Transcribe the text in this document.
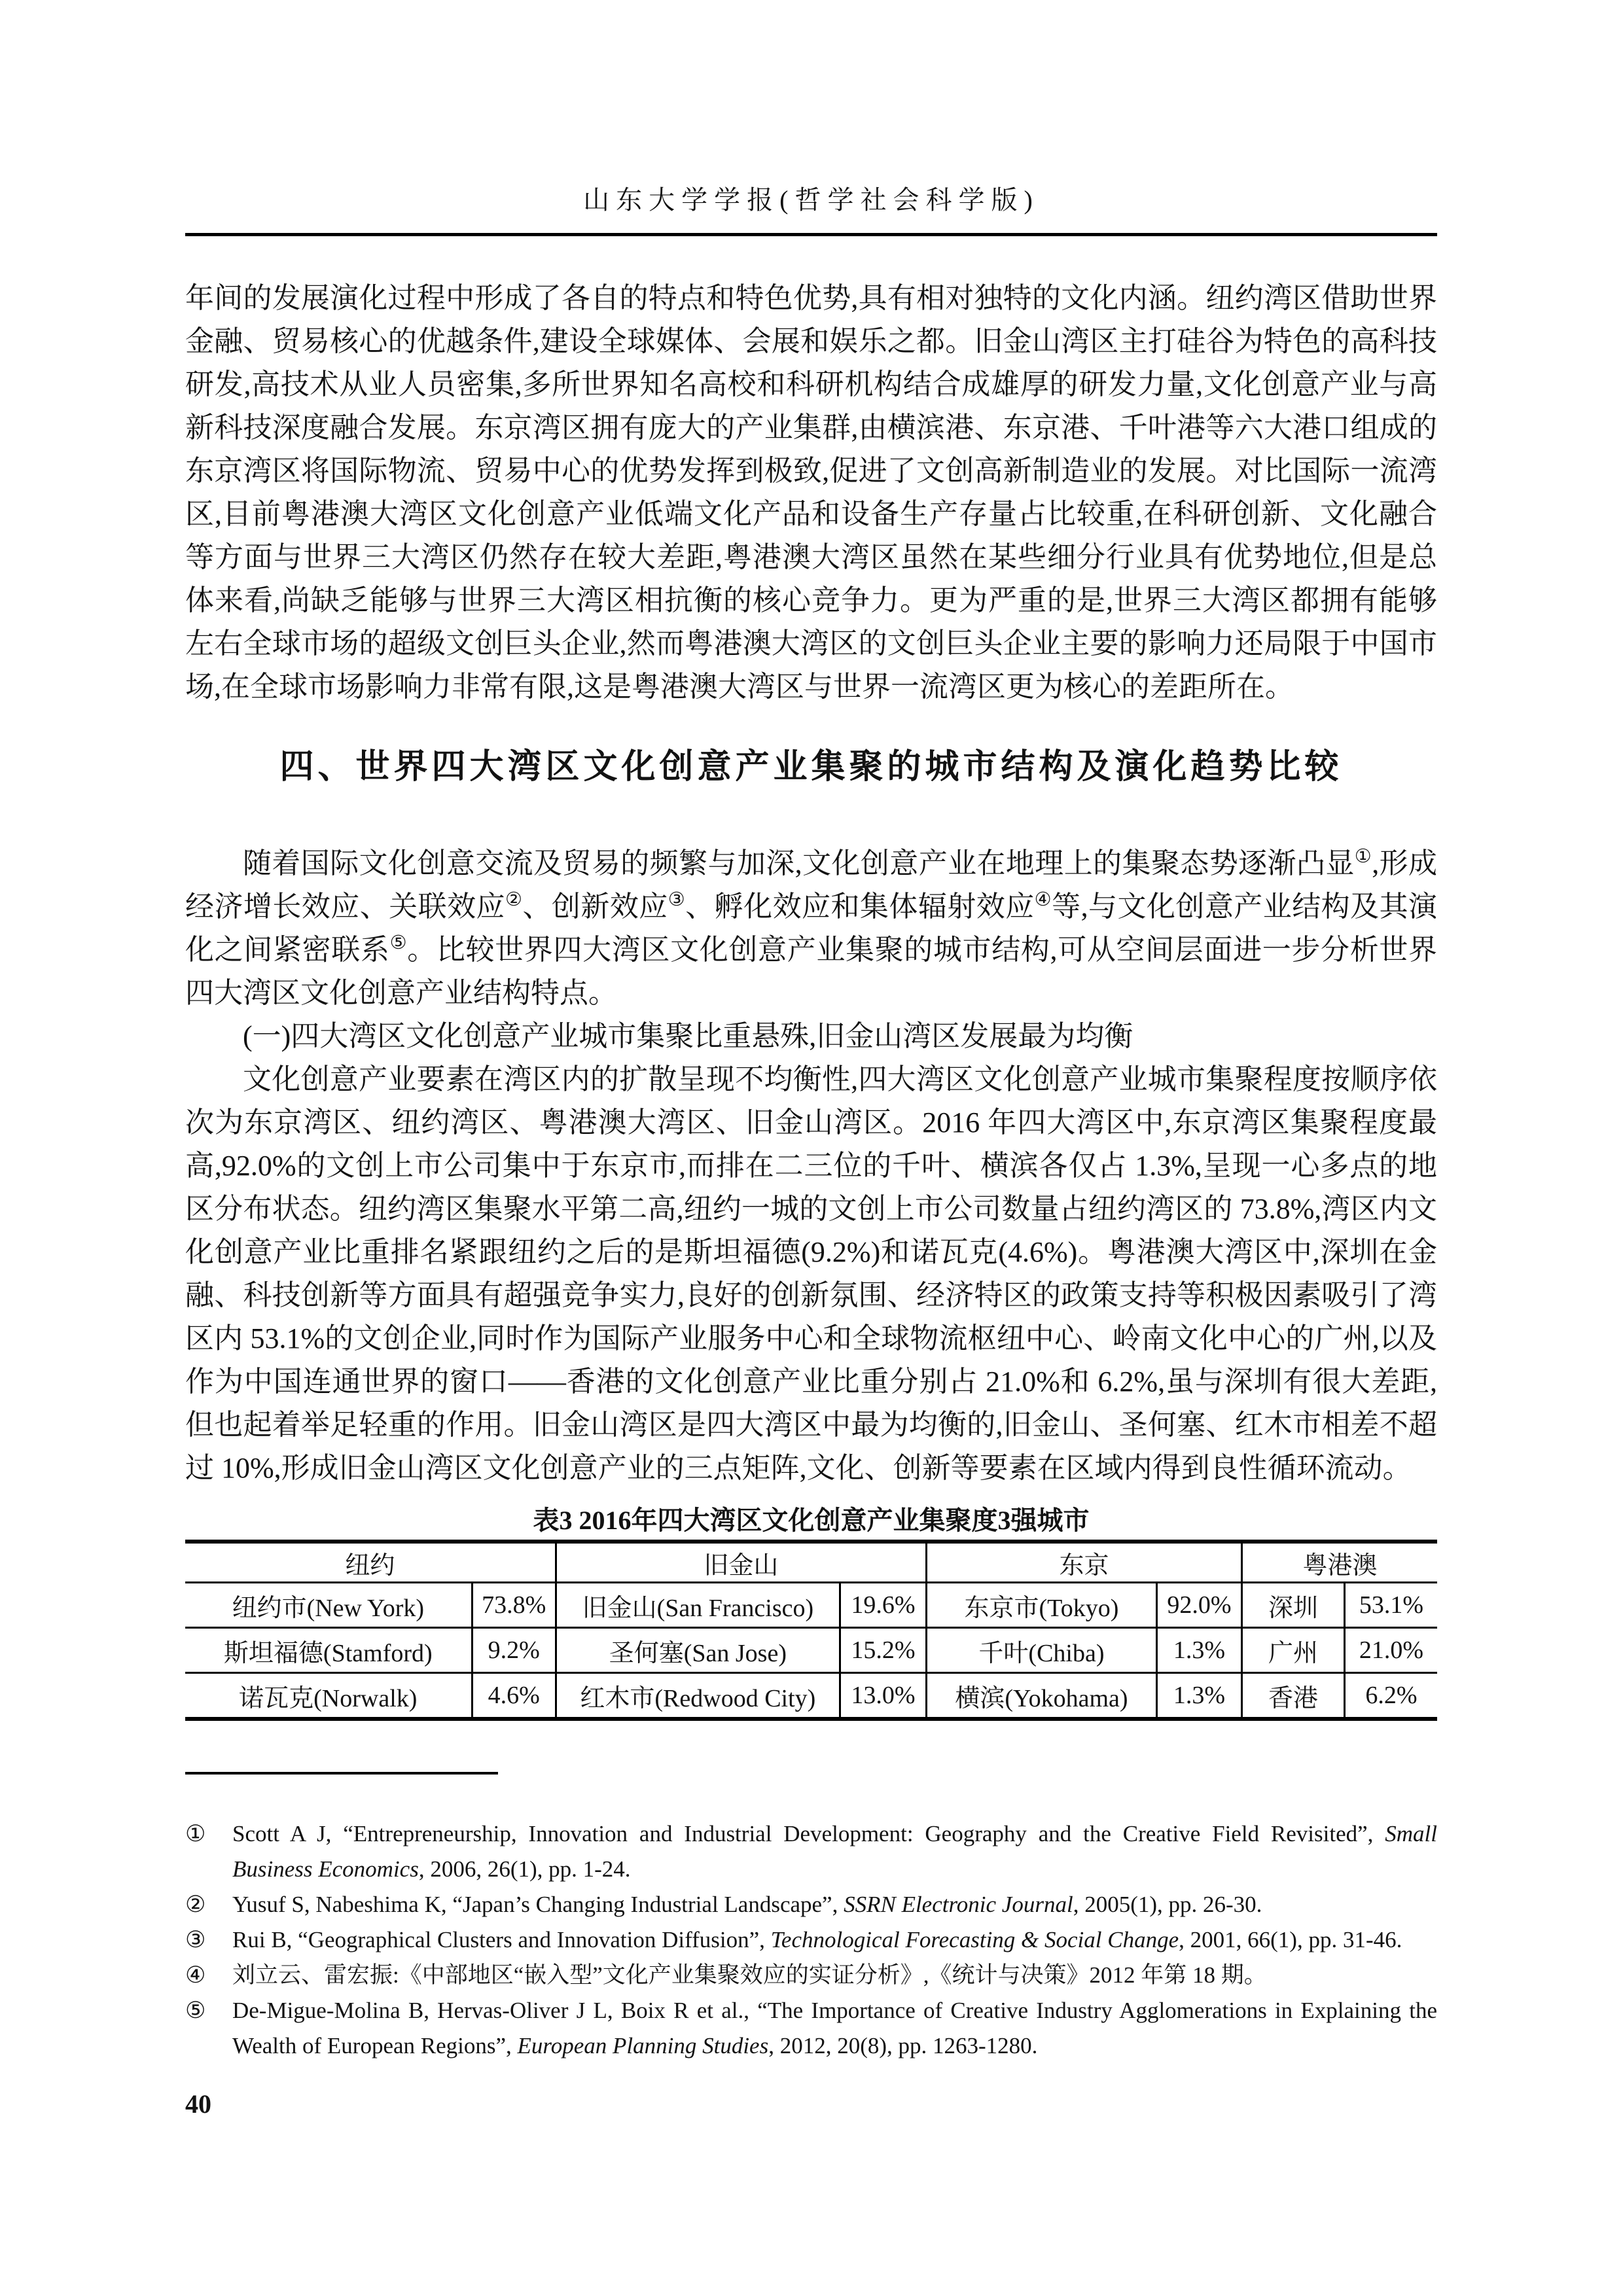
山东大学学报(哲学社会科学版)
年间的发展演化过程中形成了各自的特点和特色优势,具有相对独特的文化内涵。纽约湾区借助世界金融、贸易核心的优越条件,建设全球媒体、会展和娱乐之都。旧金山湾区主打硅谷为特色的高科技研发,高技术从业人员密集,多所世界知名高校和科研机构结合成雄厚的研发力量,文化创意产业与高新科技深度融合发展。东京湾区拥有庞大的产业集群,由横滨港、东京港、千叶港等六大港口组成的东京湾区将国际物流、贸易中心的优势发挥到极致,促进了文创高新制造业的发展。对比国际一流湾区,目前粤港澳大湾区文化创意产业低端文化产品和设备生产存量占比较重,在科研创新、文化融合等方面与世界三大湾区仍然存在较大差距,粤港澳大湾区虽然在某些细分行业具有优势地位,但是总体来看,尚缺乏能够与世界三大湾区相抗衡的核心竞争力。更为严重的是,世界三大湾区都拥有能够左右全球市场的超级文创巨头企业,然而粤港澳大湾区的文创巨头企业主要的影响力还局限于中国市场,在全球市场影响力非常有限,这是粤港澳大湾区与世界一流湾区更为核心的差距所在。
四、世界四大湾区文化创意产业集聚的城市结构及演化趋势比较
随着国际文化创意交流及贸易的频繁与加深,文化创意产业在地理上的集聚态势逐渐凸显①,形成经济增长效应、关联效应②、创新效应③、孵化效应和集体辐射效应④等,与文化创意产业结构及其演化之间紧密联系⑤。比较世界四大湾区文化创意产业集聚的城市结构,可从空间层面进一步分析世界四大湾区文化创意产业结构特点。
(一)四大湾区文化创意产业城市集聚比重悬殊,旧金山湾区发展最为均衡
文化创意产业要素在湾区内的扩散呈现不均衡性,四大湾区文化创意产业城市集聚程度按顺序依次为东京湾区、纽约湾区、粤港澳大湾区、旧金山湾区。2016 年四大湾区中,东京湾区集聚程度最高,92.0%的文创上市公司集中于东京市,而排在二三位的千叶、横滨各仅占 1.3%,呈现一心多点的地区分布状态。纽约湾区集聚水平第二高,纽约一城的文创上市公司数量占纽约湾区的 73.8%,湾区内文化创意产业比重排名紧跟纽约之后的是斯坦福德(9.2%)和诺瓦克(4.6%)。粤港澳大湾区中,深圳在金融、科技创新等方面具有超强竞争实力,良好的创新氛围、经济特区的政策支持等积极因素吸引了湾区内 53.1%的文创企业,同时作为国际产业服务中心和全球物流枢纽中心、岭南文化中心的广州,以及作为中国连通世界的窗口——香港的文化创意产业比重分别占 21.0%和 6.2%,虽与深圳有很大差距,但也起着举足轻重的作用。旧金山湾区是四大湾区中最为均衡的,旧金山、圣何塞、红木市相差不超过 10%,形成旧金山湾区文化创意产业的三点矩阵,文化、创新等要素在区域内得到良性循环流动。
表3 2016年四大湾区文化创意产业集聚度3强城市
纽约		旧金山		东京		粤港澳	
纽约市(New York)	73.8%	旧金山(San Francisco)	19.6%	东京市(Tokyo)	92.0%	深圳	53.1%
斯坦福德(Stamford)	9.2%	圣何塞(San Jose)	15.2%	千叶(Chiba)	1.3%	广州	21.0%
诺瓦克(Norwalk)	4.6%	红木市(Redwood City)	13.0%	横滨(Yokohama)	1.3%	香港	6.2%
①	Scott A J, “Entrepreneurship, Innovation and Industrial Development: Geography and the Creative Field Revisited”, Small Business Economics, 2006, 26(1), pp. 1-24.
②	Yusuf S, Nabeshima K, “Japan’s Changing Industrial Landscape”, SSRN Electronic Journal, 2005(1), pp. 26-30.
③	Rui B, “Geographical Clusters and Innovation Diffusion”, Technological Forecasting & Social Change, 2001, 66(1), pp. 31-46.
④	刘立云、雷宏振:《中部地区“嵌入型”文化产业集聚效应的实证分析》,《统计与决策》2012 年第 18 期。
⑤	De-Migue-Molina B, Hervas-Oliver J L, Boix R et al., “The Importance of Creative Industry Agglomerations in Explaining the Wealth of European Regions”, European Planning Studies, 2012, 20(8), pp. 1263-1280.
40
